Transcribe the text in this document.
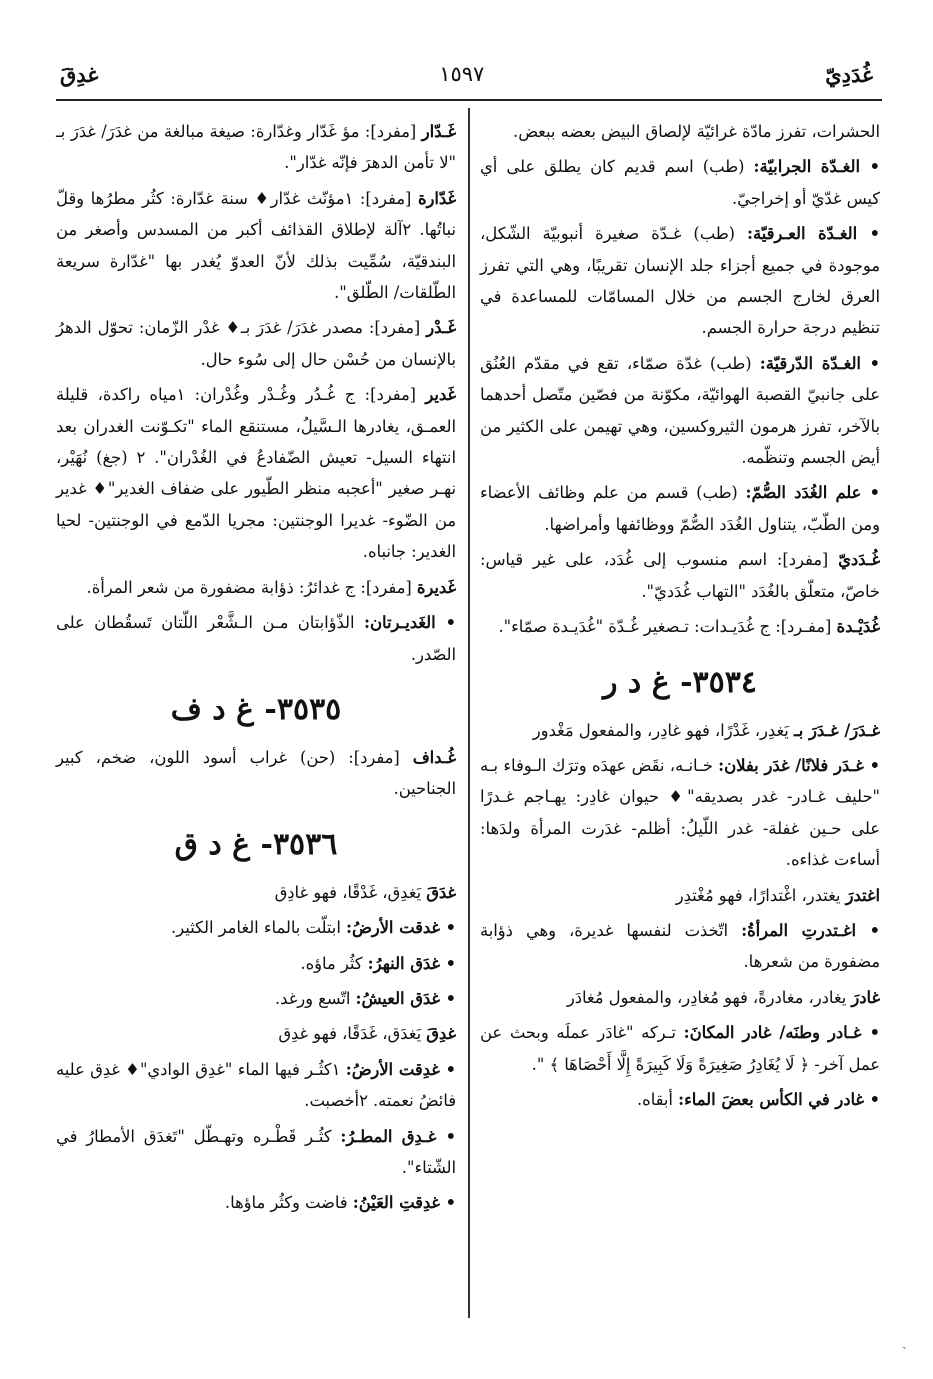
غُدَدِيّ
١٥٩٧
غدِقَ

الحشرات، تفرز مادّة غرائيّة لإلصاق البيض بعضه ببعض.

• الغـدّة الجرابيّة: (طب) اسم قديم كان يطلق على أي كيس غدّيّ أو إخراجيّ.

• الغـدّة العـرقيّة: (طب) غـدّة صغيرة أنبوبيّة الشّكل، موجودة في جميع أجزاء جلد الإنسان تقريبًا، وهي التي تفرز العرق لخارج الجسم من خلال المسامّات للمساعدة في تنظيم درجة حرارة الجسم.

• الغـدّة الدّرقيّة: (طب) غدّة صمّاء، تقع في مقدّم العُنُق على جانبيّ القصبة الهوائيّة، مكوّنة من فصّين متّصل أحدهما بالآخر، تفرز هرمون الثيروكسين، وهي تهيمن على الكثير من أيض الجسم وتنظّمه.

• علم الغُدَد الصُّمّ: (طب) قسم من علم وظائف الأعضاء ومن الطّبّ، يتناول الغُدَد الصُّمّ ووظائفها وأمراضها.

غُـدَديّ [مفرد]: اسم منسوب إلى غُدَد، على غير قياس: خاصّ، متعلّق بالغُدَد "التهاب غُدَديّ".

غُدَيْـدة [مفـرد]: ج غُدَيـدات: تـصغير غُـدّة "غُدَيـدة صمّاء".

٣٥٣٤- غ د ر

غـدَرَ/ غـدَرَ بـ يَغدِر، غَدْرًا، فهو غادِر، والمفعول مَغْدور

• غـدَر فلانًا/ غدَر بفلان: خـانـه، نقَض عهدَه وترَك الـوفاء بـه "حليف غـادر- غدر بصديقه"♦ حيوان غادِر: يهـاجم غـدرًا على حـين غفلة- غدر اللّيلُ: أظلم- غدَرت المرأة ولدَها: أساءت غذاءه.

اغتدرَ يغتدر، اغْتدارًا، فهو مُغْتدِر

• اغـتدرتِ المرأةُ: اتّخذت لنفسها غديرة، وهي ذؤابة مضفورة من شعرها.

غادرَ يغادر، مغادرةً، فهو مُغادِر، والمفعول مُغادَر

• غـادر وطنَه/ غادر المكانَ: تـركه "غادَر عملَه وبحث عن عمل آخر- ﴿ لَا يُغَادِرُ صَغِيرَةً وَلَا كَبِيرَةً إِلَّا أَحْصَاهَا ﴾ ".

• غادر في الكأس بعضَ الماء: أبقاه.

غَـدّار [مفرد]: مؤ غَدّار وغدّارة: صيغة مبالغة من غدَرَ/ غدَرَ بـ "لا تأمن الدهرَ فإنّه غدّار".

غَدّارة [مفرد]: ١مؤنّث غدّار♦ سنة غدّارة: كثُر مطرُها وقلّ نباتُها. ٢آلة لإطلاق القذائف أكبر من المسدس وأصغر من البندقيّة، سُمِّيت بذلك لأنّ العدوّ يُغدر بها "غدّارة سريعة الطّلقات/ الطّلق".

غَـدْر [مفرد]: مصدر غدَرَ/ غدَرَ بـ♦ غدْر الزّمان: تحوّل الدهرُ بالإنسان من حُسْن حال إلى سُوء حال.

غَدير [مفرد]: ج غُـدُر وغُـدْر وغُدْران: ١مياه راكدة، قليلة العمـق، يغادرها الـسَّيلُ، مستنقع الماء "تكـوّنت الغدران بعد انتهاء السيل- تعيش الضّفادعُ في الغُدْران". ٢ (جغ) نُهَيْر، نهـر صغير "أعجبه منظر الطّيور على ضفاف الغدير"♦ غدير من الضّوء- غديرا الوجنتين: مجريا الدّمع في الوجنتين- لحيا الغدير: جانباه.

غَديرة [مفرد]: ج غدائرُ: ذؤابة مضفورة من شعر المرأة.

• الغَديـرتان: الذّؤابتان مـن الـشَّعْر اللّتان تَسقُطان على الصّدر.

٣٥٣٥- غ د ف

غُـداف [مفرد]: (حن) غراب أسود اللون، ضخم، كبير الجناحين.

٣٥٣٦- غ د ق

غدَقَ يَغدِق، غَدْقًا، فهو غادِق

• غدقت الأرضُ: ابتلّت بالماء الغامر الكثير.

• غدَق النهرُ: كثُر ماؤه.

• غدَق العيشُ: اتّسع ورغد.

غدِقَ يَغدَق، غَدَقًا، فهو غدِق

• غدِقت الأرضُ: ١كثُـر فيها الماء "غدِق الوادي"♦ غدِق عليه فائضُ نعمته. ٢أخصبت.

• غـدِق المطـرُ: كثُـر قَطْـره وتهـطّل "تَغدَق الأمطارُ في الشّتاء".

• غدِقتِ العَيْنُ: فاضت وكثُر ماؤها.

ˏ
